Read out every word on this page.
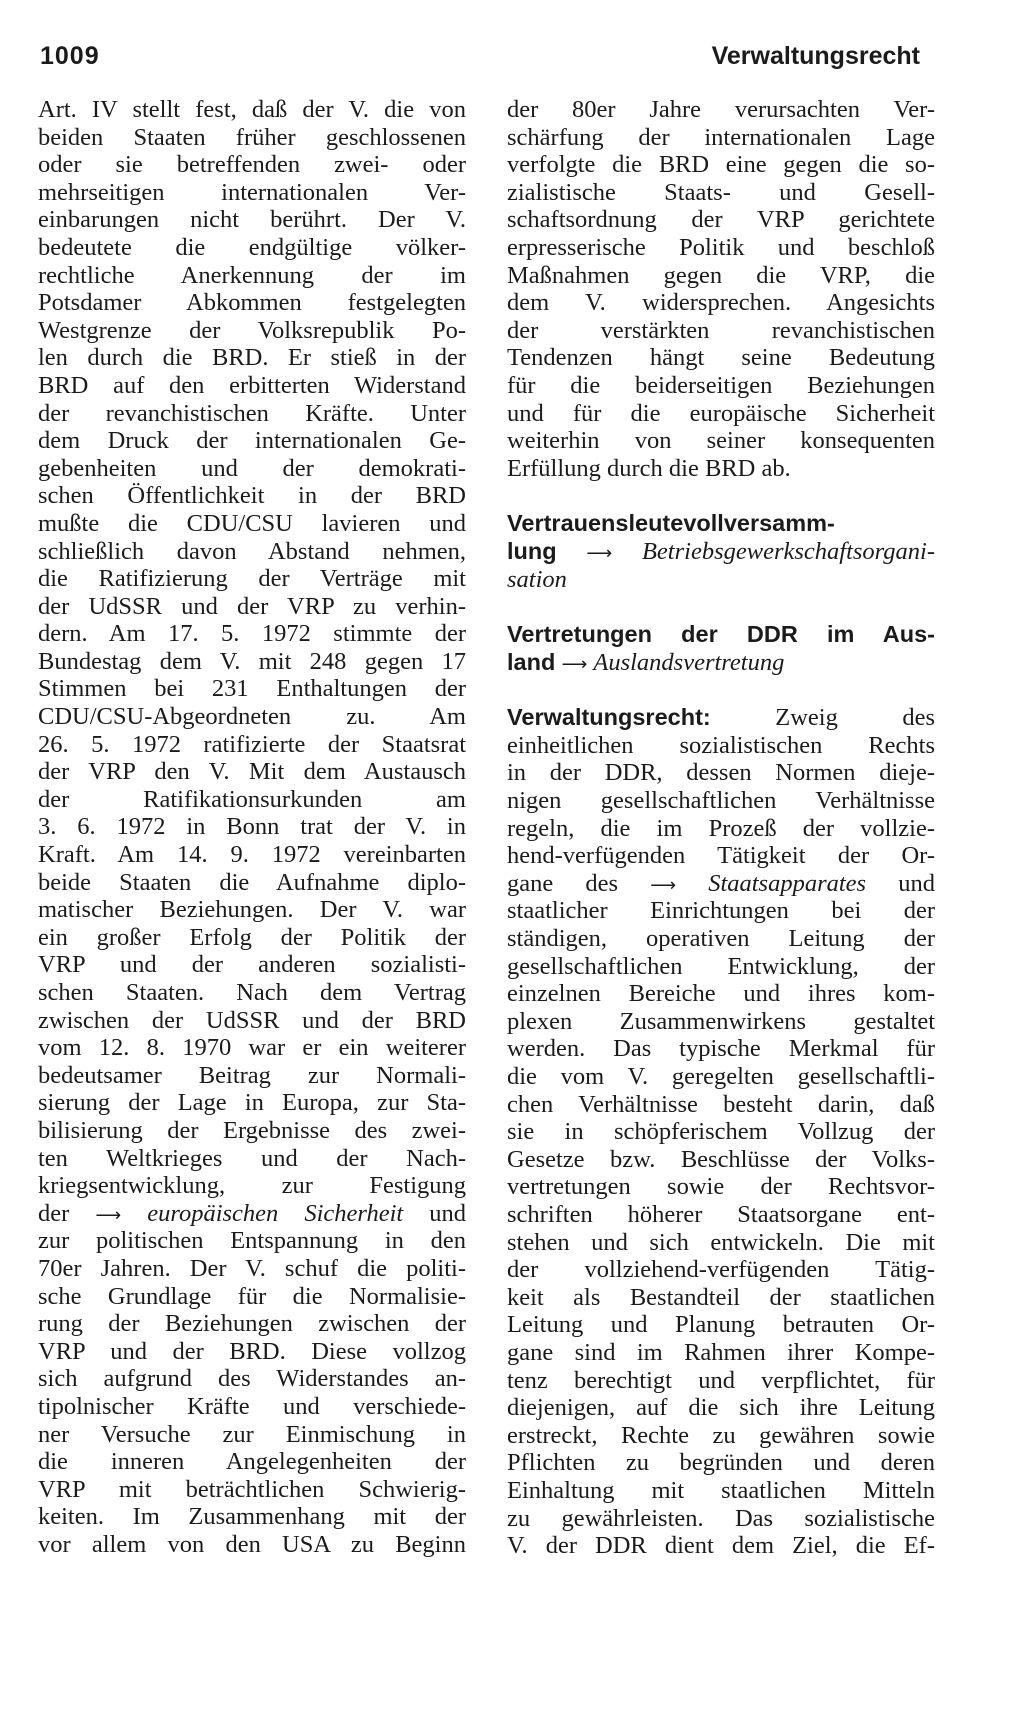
1009	Verwaltungsrecht
Art. IV stellt fest, daß der V. die von
beiden Staaten früher geschlossenen
oder sie betreffenden zwei- oder
mehrseitigen internationalen Ver-
einbarungen nicht berührt. Der V.
bedeutete die endgültige völker-
rechtliche Anerkennung der im
Potsdamer Abkommen festgelegten
Westgrenze der Volksrepublik Po-
len durch die BRD. Er stieß in der
BRD auf den erbitterten Widerstand
der revanchistischen Kräfte. Unter
dem Druck der internationalen Ge-
gebenheiten und der demokrati-
schen Öffentlichkeit in der BRD
mußte die CDU/CSU lavieren und
schließlich davon Abstand nehmen,
die Ratifizierung der Verträge mit
der UdSSR und der VRP zu verhin-
dern. Am 17. 5. 1972 stimmte der
Bundestag dem V. mit 248 gegen 17
Stimmen bei 231 Enthaltungen der
CDU/CSU-Abgeordneten zu. Am
26. 5. 1972 ratifizierte der Staatsrat
der VRP den V. Mit dem Austausch
der Ratifikationsurkunden am
3. 6. 1972 in Bonn trat der V. in
Kraft. Am 14. 9. 1972 vereinbarten
beide Staaten die Aufnahme diplo-
matischer Beziehungen. Der V. war
ein großer Erfolg der Politik der
VRP und der anderen sozialisti-
schen Staaten. Nach dem Vertrag
zwischen der UdSSR und der BRD
vom 12. 8. 1970 war er ein weiterer
bedeutsamer Beitrag zur Normali-
sierung der Lage in Europa, zur Sta-
bilisierung der Ergebnisse des zwei-
ten Weltkrieges und der Nach-
kriegsentwicklung, zur Festigung
der ⟶ europäischen Sicherheit und
zur politischen Entspannung in den
70er Jahren. Der V. schuf die politi-
sche Grundlage für die Normalisie-
rung der Beziehungen zwischen der
VRP und der BRD. Diese vollzog
sich aufgrund des Widerstandes an-
tipolnischer Kräfte und verschiede-
ner Versuche zur Einmischung in
die inneren Angelegenheiten der
VRP mit beträchtlichen Schwierig-
keiten. Im Zusammenhang mit der
vor allem von den USA zu Beginn
der 80er Jahre verursachten Ver-
schärfung der internationalen Lage
verfolgte die BRD eine gegen die so-
zialistische Staats- und Gesell-
schaftsordnung der VRP gerichtete
erpresserische Politik und beschloß
Maßnahmen gegen die VRP, die
dem V. widersprechen. Angesichts
der verstärkten revanchistischen
Tendenzen hängt seine Bedeutung
für die beiderseitigen Beziehungen
und für die europäische Sicherheit
weiterhin von seiner konsequenten
Erfüllung durch die BRD ab.
Vertrauensleutevollversamm-
lung ⟶ Betriebsgewerkschaftsorgani-
sation
Vertretungen der DDR im Aus-
land ⟶ Auslandsvertretung
Verwaltungsrecht:	Zweig des
einheitlichen sozialistischen Rechts
in der DDR, dessen Normen dieje-
nigen gesellschaftlichen Verhältnisse
regeln, die im Prozeß der vollzie-
hend-verfügenden Tätigkeit der Or-
gane des ⟶ Staatsapparates und
staatlicher Einrichtungen bei der
ständigen, operativen Leitung der
gesellschaftlichen Entwicklung, der
einzelnen Bereiche und ihres kom-
plexen Zusammenwirkens gestaltet
werden. Das typische Merkmal für
die vom V. geregelten gesellschaftli-
chen Verhältnisse besteht darin, daß
sie in schöpferischem Vollzug der
Gesetze bzw. Beschlüsse der Volks-
vertretungen sowie der Rechtsvor-
schriften höherer Staatsorgane ent-
stehen und sich entwickeln. Die mit
der vollziehend-verfügenden Tätig-
keit als Bestandteil der staatlichen
Leitung und Planung betrauten Or-
gane sind im Rahmen ihrer Kompe-
tenz berechtigt und verpflichtet, für
diejenigen, auf die sich ihre Leitung
erstreckt, Rechte zu gewähren sowie
Pflichten zu begründen und deren
Einhaltung mit staatlichen Mitteln
zu gewährleisten. Das sozialistische
V. der DDR dient dem Ziel, die Ef-
